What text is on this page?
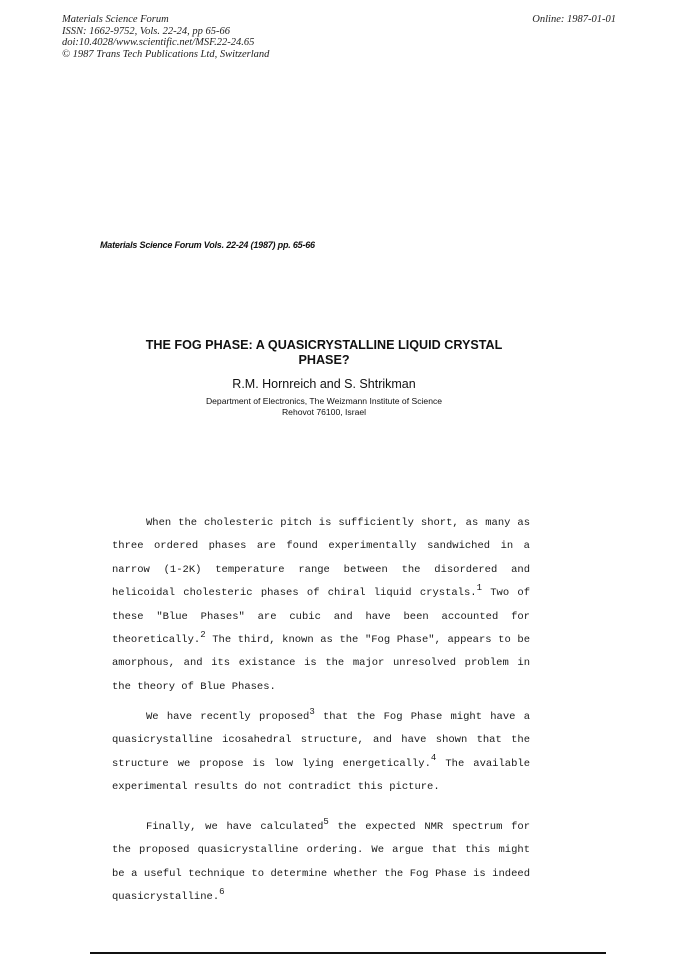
Materials Science Forum
ISSN: 1662-9752, Vols. 22-24, pp 65-66
doi:10.4028/www.scientific.net/MSF.22-24.65
© 1987 Trans Tech Publications Ltd, Switzerland
Online: 1987-01-01
Materials Science Forum Vols. 22-24 (1987) pp. 65-66
THE FOG PHASE: A QUASICRYSTALLINE LIQUID CRYSTAL
PHASE?
R.M. Hornreich and S. Shtrikman
Department of Electronics, The Weizmann Institute of Science
Rehovot 76100, Israel

When the cholesteric pitch is sufficiently short, as many as three ordered phases are found experimentally sandwiched in a narrow (1-2K) temperature range between the disordered and helicoidal cholesteric phases of chiral liquid crystals.$^1$ Two of these "Blue Phases" are cubic and have been accounted for theoretically.$^2$ The third, known as the "Fog Phase", appears to be amorphous, and its existance is the major unresolved problem in the theory of Blue Phases.

We have recently proposed$^3$ that the Fog Phase might have a quasicrystalline icosahedral structure, and have shown that the structure we propose is low lying energetically.$^4$ The available experimental results do not contradict this picture.

Finally, we have calculated$^5$ the expected NMR spectrum for the proposed quasicrystalline ordering. We argue that this might be a useful technique to determine whether the Fog Phase is indeed quasicrystalline.$^6$
